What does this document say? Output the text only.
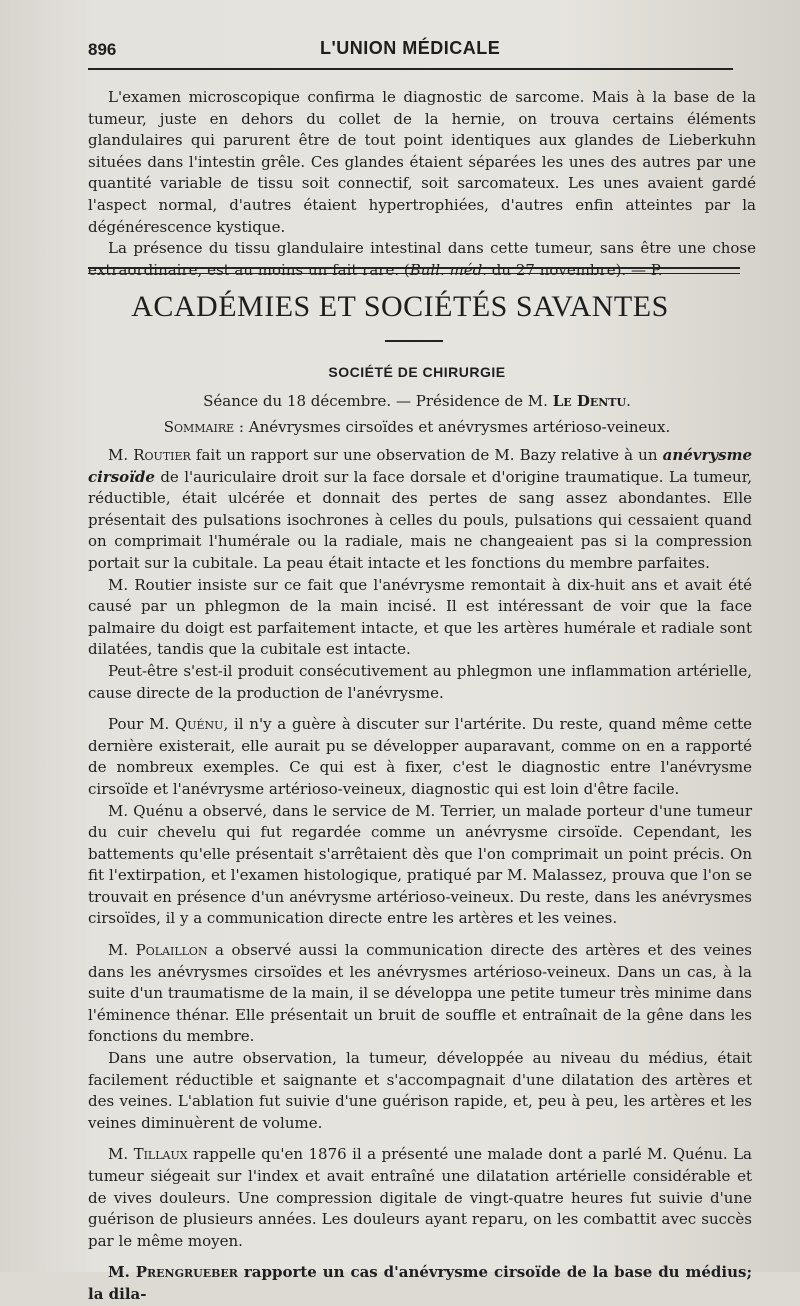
896	L'UNION MÉDICALE

L'examen microscopique confirma le diagnostic de sarcome. Mais à la base de la tumeur, juste en dehors du collet de la hernie, on trouva certains éléments glandulaires qui parurent être de tout point identiques aux glandes de Lieberkuhn situées dans l'intestin grêle. Ces glandes étaient séparées les unes des autres par une quantité variable de tissu soit connectif, soit sarcomateux. Les unes avaient gardé l'aspect normal, d'autres étaient hypertrophiées, d'autres enfin atteintes par la dégénérescence kystique.

La présence du tissu glandulaire intestinal dans cette tumeur, sans être une chose extraordinaire, est au moins un fait rare. (Bull. méd. du 27 novembre). — P.

ACADÉMIES ET SOCIÉTÉS SAVANTES
SOCIÉTÉ DE CHIRURGIE
Séance du 18 décembre. — Présidence de M. Le Dentu.
Sommaire : Anévrysmes cirsoïdes et anévrysmes artérioso-veineux.

M. Routier fait un rapport sur une observation de M. Bazy relative à un anévrysme cirsoïde de l'auriculaire droit sur la face dorsale et d'origine traumatique. La tumeur, réductible, était ulcérée et donnait des pertes de sang assez abondantes. Elle présentait des pulsations isochrones à celles du pouls, pulsations qui cessaient quand on comprimait l'humérale ou la radiale, mais ne changeaient pas si la compression portait sur la cubitale. La peau était intacte et les fonctions du membre parfaites.

M. Routier insiste sur ce fait que l'anévrysme remontait à dix-huit ans et avait été causé par un phlegmon de la main incisé. Il est intéressant de voir que la face palmaire du doigt est parfaitement intacte, et que les artères humérale et radiale sont dilatées, tandis que la cubitale est intacte.

Peut-être s'est-il produit consécutivement au phlegmon une inflammation artérielle, cause directe de la production de l'anévrysme.

Pour M. Quénu, il n'y a guère à discuter sur l'artérite. Du reste, quand même cette dernière existerait, elle aurait pu se développer auparavant, comme on en a rapporté de nombreux exemples. Ce qui est à fixer, c'est le diagnostic entre l'anévrysme cirsoïde et l'anévrysme artérioso-veineux, diagnostic qui est loin d'être facile.

M. Quénu a observé, dans le service de M. Terrier, un malade porteur d'une tumeur du cuir chevelu qui fut regardée comme un anévrysme cirsoïde. Cependant, les battements qu'elle présentait s'arrêtaient dès que l'on comprimait un point précis. On fit l'extirpation, et l'examen histologique, pratiqué par M. Malassez, prouva que l'on se trouvait en présence d'un anévrysme artérioso-veineux. Du reste, dans les anévrysmes cirsoïdes, il y a communication directe entre les artères et les veines.

M. Polaillon a observé aussi la communication directe des artères et des veines dans les anévrysmes cirsoïdes et les anévrysmes artérioso-veineux. Dans un cas, à la suite d'un traumatisme de la main, il se développa une petite tumeur très minime dans l'éminence thénar. Elle présentait un bruit de souffle et entraînait de la gêne dans les fonctions du membre.

Dans une autre observation, la tumeur, développée au niveau du médius, était facilement réductible et saignante et s'accompagnait d'une dilatation des artères et des veines. L'ablation fut suivie d'une guérison rapide, et, peu à peu, les artères et les veines diminuèrent de volume.

M. Tillaux rappelle qu'en 1876 il a présenté une malade dont a parlé M. Quénu. La tumeur siégeait sur l'index et avait entraîné une dilatation artérielle considérable et de vives douleurs. Une compression digitale de vingt-quatre heures fut suivie d'une guérison de plusieurs années. Les douleurs ayant reparu, on les combattit avec succès par le même moyen.

M. Prengrueber rapporte un cas d'anévrysme cirsoïde de la base du médius; la dila-
